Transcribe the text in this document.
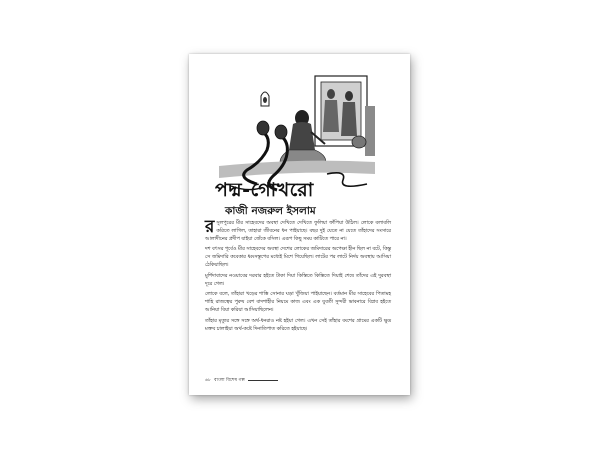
পদ্ম-গোখরো
কাজী নজরুল ইসলাম

রসুলপুরের মীর সাহেবদের অবস্থা দেখিতে দেখিতে ফুলিয়া ফাঁপিয়া উঠিল। লোকে বলাবলি করিতে লাগিল, তাহারা জীবনের ধন পাইয়াছে। বছর দুই যেতে না যেতে তাঁহাদের সংসারে আলাদীনের প্রদীপ যাইয়া জেঁকে বসিল। এরূপ কিছু সময় কাটিতে পারে না।

দশ বৎসর পূর্বেও মীর সাহেবদের অবস্থা দেশের লোকের জমিদারের অপেক্ষা হীন ছিল না বটে, কিন্তু সে জমিদারি কবেকার ধ্বংসস্তূপের মধ্যেই মিশে গিয়েছিল। লাটের পর লাটে নির্দয় অবস্থায় আসিয়া ঠেকিয়াছিল।

মুর্শিদাবাদের নওয়াবের দরবার হইতে টাকা দিয়া কিস্তিতে কিস্তিতে দিয়াই শেষে তাঁদের এই দুরবস্থা দূরে গেল।

লোকে বলে, তাঁহারা খড়ের শাস্তি সোনার ঘড়া খুঁজিয়া পাইয়াছেন। বর্তমান মীর সাহেবের পিতামহ শাহি রাজত্বের পুরুষ বেশ বাদশাহীর নিয়মে কাজ এবং এক যুবতী সুন্দরী ভাবনারে বিপ্লব হইতে আনিয়া বিয়া করিয়া আসিয়াছিলেন।

তাঁহার মৃত্যুর সঙ্গে সঙ্গে অর্থ-ধনরাও নষ্ট হইয়া গেল। এখন সেই তাঁহার বংশের গ্রামের একটি ক্ষুদ্র মক্তব চালাইয়া অর্থ-কষ্টে দিনাতিপাত করিতে হইয়াছে।

৬৮ বাংলা বিশেষ গল্প
